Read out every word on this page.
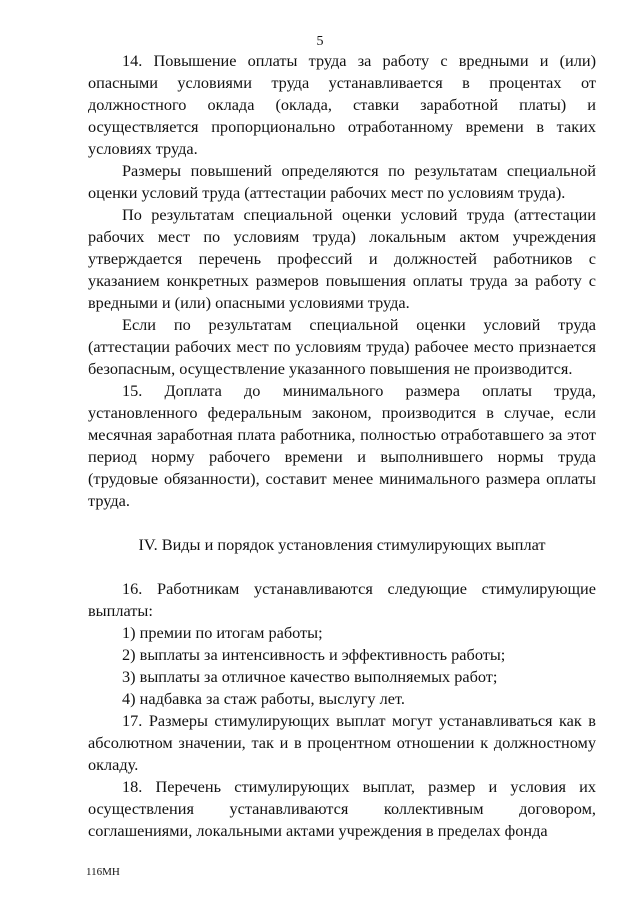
5

14. Повышение оплаты труда за работу с вредными и (или) опасными условиями труда устанавливается в процентах от должностного оклада (оклада, ставки заработной платы) и осуществляется пропорционально отработанному времени в таких условиях труда.

Размеры повышений определяются по результатам специальной оценки условий труда (аттестации рабочих мест по условиям труда).

По результатам специальной оценки условий труда (аттестации рабочих мест по условиям труда) локальным актом учреждения утверждается перечень профессий и должностей работников с указанием конкретных размеров повышения оплаты труда за работу с вредными и (или) опасными условиями труда.

Если по результатам специальной оценки условий труда (аттестации рабочих мест по условиям труда) рабочее место признается безопасным, осуществление указанного повышения не производится.

15. Доплата до минимального размера оплаты труда, установленного федеральным законом, производится в случае, если месячная заработная плата работника, полностью отработавшего за этот период норму рабочего времени и выполнившего нормы труда (трудовые обязанности), составит менее минимального размера оплаты труда.

IV. Виды и порядок установления стимулирующих выплат

16. Работникам устанавливаются следующие стимулирующие выплаты:

1) премии по итогам работы;

2) выплаты за интенсивность и эффективность работы;

3) выплаты за отличное качество выполняемых работ;

4) надбавка за стаж работы, выслугу лет.

17. Размеры стимулирующих выплат могут устанавливаться как в абсолютном значении, так и в процентном отношении к должностному окладу.

18. Перечень стимулирующих выплат, размер и условия их осуществления устанавливаются коллективным договором, соглашениями, локальными актами учреждения в пределах фонда

116МН
